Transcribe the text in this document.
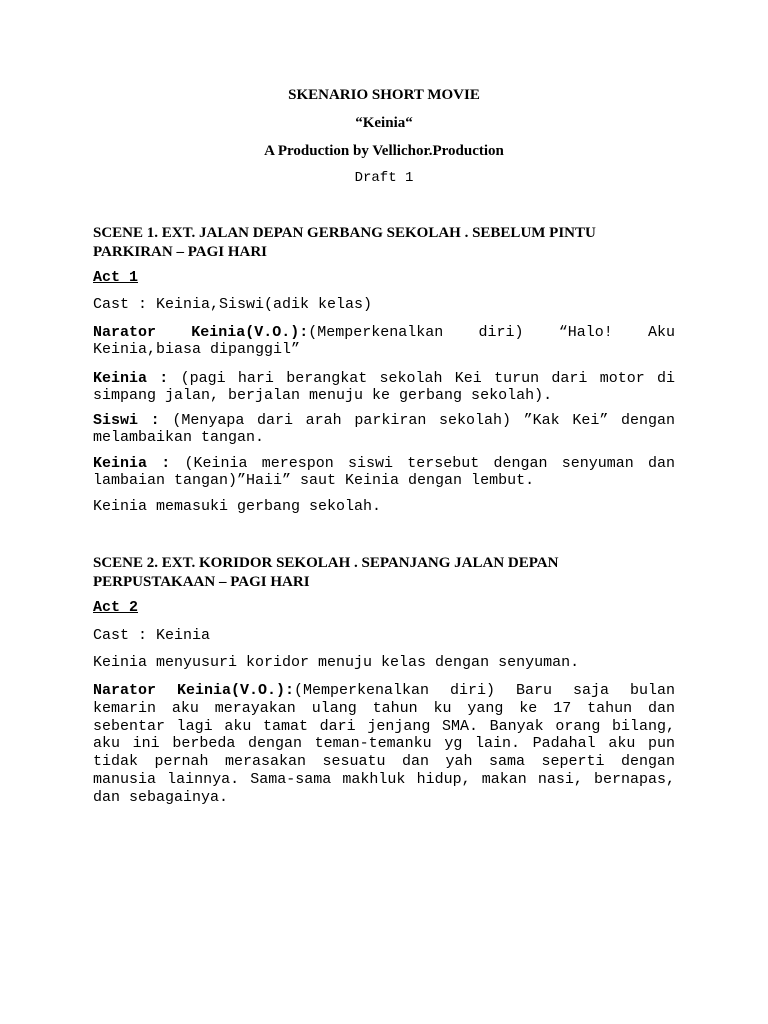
SKENARIO SHORT MOVIE
“Keinia“
A Production by Vellichor.Production
Draft 1
SCENE 1. EXT. JALAN DEPAN GERBANG SEKOLAH . SEBELUM PINTU PARKIRAN – PAGI HARI
Act 1
Cast : Keinia,Siswi(adik kelas)

Narator Keinia(V.O.):(Memperkenalkan diri) “Halo! Aku Keinia,biasa dipanggil”

Keinia : (pagi hari berangkat sekolah Kei turun dari motor di simpang jalan, berjalan menuju ke gerbang sekolah).

Siswi : (Menyapa dari arah parkiran sekolah) ”Kak Kei” dengan melambaikan tangan.

Keinia : (Keinia merespon siswi tersebut dengan senyuman dan lambaian tangan)”Haii” saut Keinia dengan lembut.

Keinia memasuki gerbang sekolah.
SCENE 2. EXT. KORIDOR SEKOLAH . SEPANJANG JALAN DEPAN PERPUSTAKAAN – PAGI HARI
Act 2
Cast : Keinia
Keinia menyusuri koridor menuju kelas dengan senyuman.

Narator Keinia(V.O.):(Memperkenalkan diri) Baru saja bulan kemarin aku merayakan ulang tahun ku yang ke 17 tahun dan sebentar lagi aku tamat dari jenjang SMA. Banyak orang bilang, aku ini berbeda dengan teman-temanku yg lain. Padahal aku pun tidak pernah merasakan sesuatu dan yah sama seperti dengan manusia lainnya. Sama-sama makhluk hidup, makan nasi, bernapas, dan sebagainya.
